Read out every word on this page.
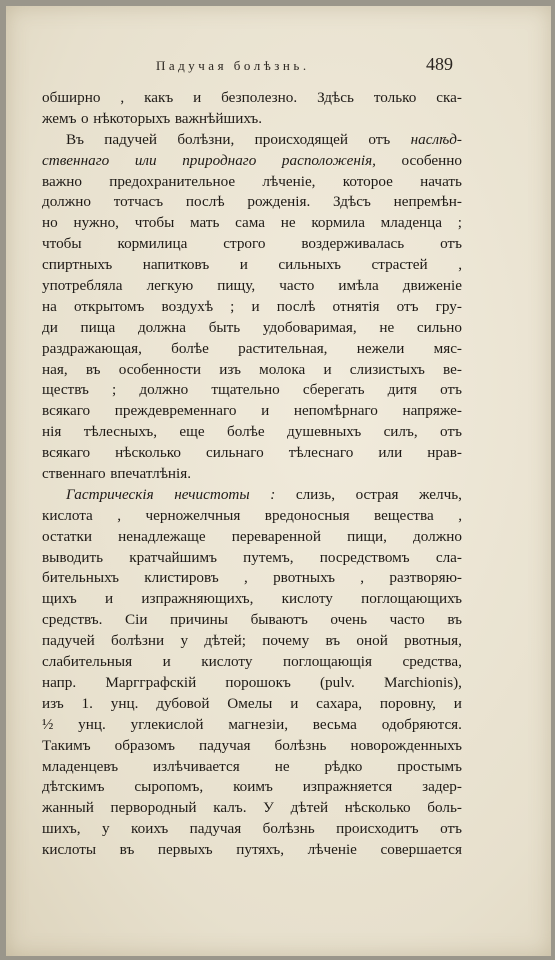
Падучая болѣзнь.	489
обширно , какъ и безполезно. Здѣсь только ска-
жемъ о нѣкоторыхъ важнѣйшихъ.
Въ падучей болѣзни, происходящей отъ наслѣд-
ственнаго или природнаго расположенія, особенно
важно предохранительное лѣченіе, которое начать
должно тотчасъ послѣ рожденія. Здѣсъ непремѣн-
но нужно, чтобы мать сама не кормила младенца ;
чтобы кормилица строго воздерживалась отъ
спиртныхъ напитковъ и сильныхъ страстей ,
употребляла легкую пищу, часто имѣла движеніе
на открытомъ воздухѣ ; и послѣ отнятія отъ гру-
ди пища должна быть удобоваримая, не сильно
раздражающая, болѣе растительная, нежели мяс-
ная, въ особенности изъ молока и слизистыхъ ве-
ществъ ; должно тщательно сберегать дитя отъ
всякаго преждевременнаго и непомѣрнаго напряже-
нія тѣлесныхъ, еще болѣе душевныхъ силъ, отъ
всякаго нѣсколько сильнаго тѣлеснаго или нрав-
ственнаго впечатлѣнія.
Гастрическія нечистоты : слизь, острая желчь,
кислота , черножелчныя вредоносныя вещества ,
остатки ненадлежаще переваренной пищи, должно
выводить кратчайшимъ путемъ, посредствомъ сла-
бительныхъ клистировъ , рвотныхъ , разтворяю-
щихъ и изпражняющихъ, кислоту поглощающихъ
средствъ. Сіи причины бываютъ очень часто въ
падучей болѣзни у дѣтей; почему въ оной рвотныя,
слабительныя и кислоту поглощающія средства,
напр. Маргграфскій порошокъ (pulv. Marchionis),
изъ 1. унц. дубовой Омелы и сахара, поровну, и
½ унц. углекислой магнезіи, весьма одобряются.
Такимъ образомъ падучая болѣзнь новорожденныхъ
младенцевъ излѣчивается не рѣдко простымъ
дѣтскимъ сыропомъ, коимъ изпражняется задер-
жанный первородный калъ. У дѣтей нѣсколько боль-
шихъ, у коихъ падучая болѣзнь происходитъ отъ
кислоты въ первыхъ путяхъ, лѣченіе совершается
